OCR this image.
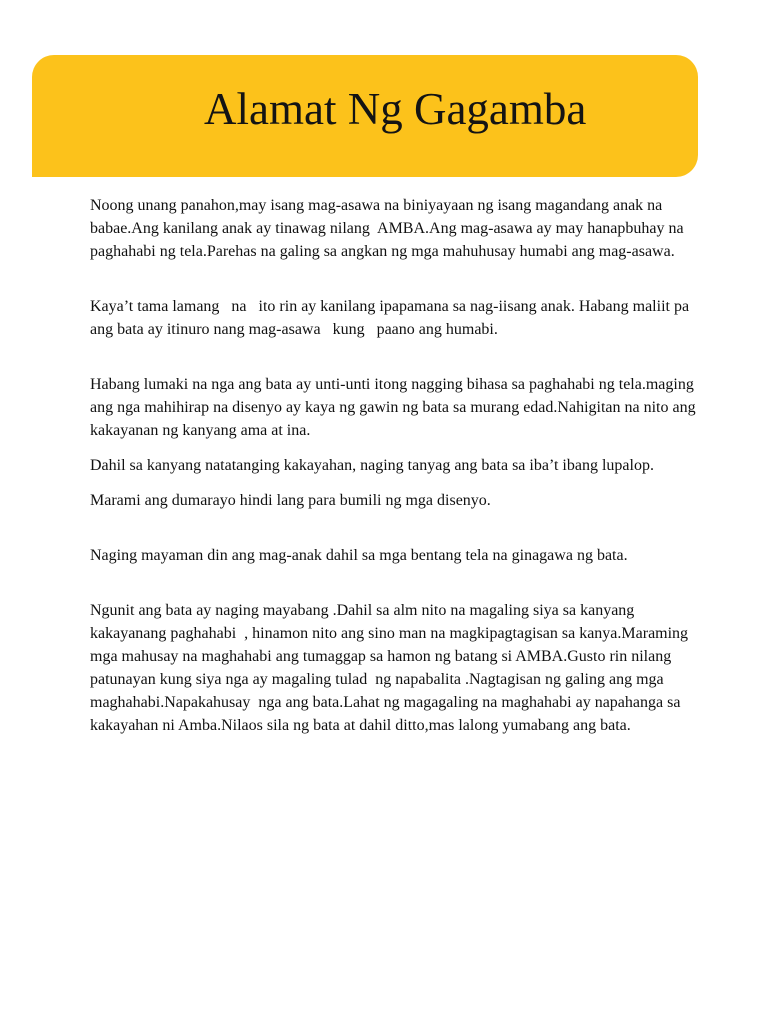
Alamat Ng Gagamba

Noong unang panahon,may isang mag-asawa na biniyayaan ng isang magandang anak na babae.Ang kanilang anak ay tinawag nilang  AMBA.Ang mag-asawa ay may hanapbuhay na paghahabi ng tela.Parehas na galing sa angkan ng mga mahuhusay humabi ang mag-asawa.

Kaya’t tama lamang   na   ito rin ay kanilang ipapamana sa nag-iisang anak. Habang maliit pa ang bata ay itinuro nang mag-asawa   kung   paano ang humabi.

Habang lumaki na nga ang bata ay unti-unti itong nagging bihasa sa paghahabi ng tela.maging ang nga mahihirap na disenyo ay kaya ng gawin ng bata sa murang edad.Nahigitan na nito ang kakayanan ng kanyang ama at ina.

Dahil sa kanyang natatanging kakayahan, naging tanyag ang bata sa iba’t ibang lupalop.

Marami ang dumarayo hindi lang para bumili ng mga disenyo.

Naging mayaman din ang mag-anak dahil sa mga bentang tela na ginagawa ng bata.

Ngunit ang bata ay naging mayabang .Dahil sa alm nito na magaling siya sa kanyang kakayanang paghahabi  , hinamon nito ang sino man na magkipagtagisan sa kanya.Maraming mga mahusay na maghahabi ang tumaggap sa hamon ng batang si AMBA.Gusto rin nilang patunayan kung siya nga ay magaling tulad  ng napabalita .Nagtagisan ng galing ang mga maghahabi.Napakahusay  nga ang bata.Lahat ng magagaling na maghahabi ay napahanga sa kakayahan ni Amba.Nilaos sila ng bata at dahil ditto,mas lalong yumabang ang bata.
